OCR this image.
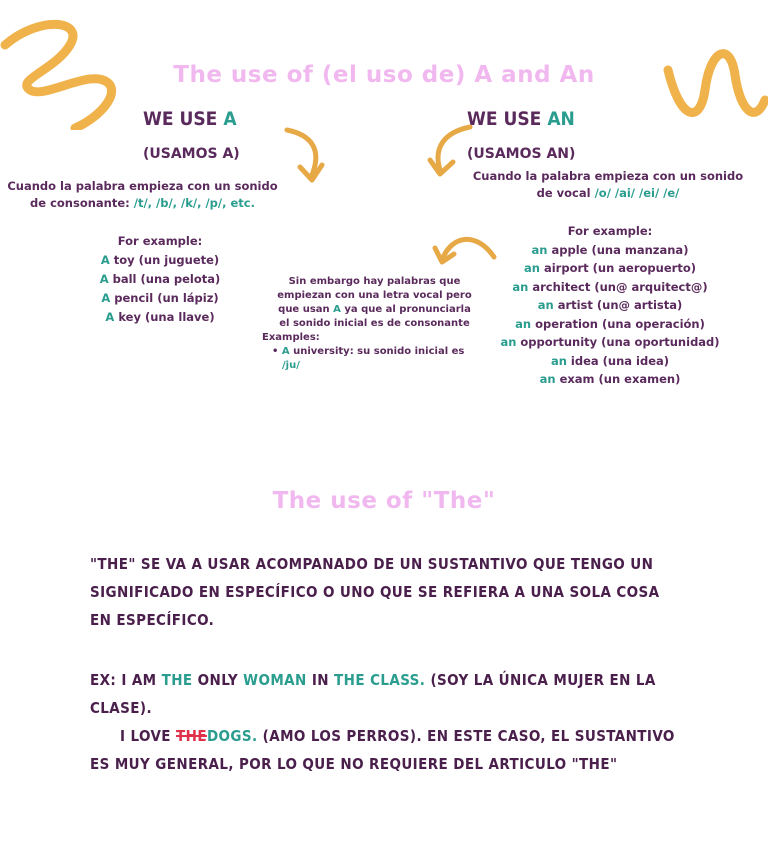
The use of (el uso de) A and An
WE USE A
(USAMOS A)
Cuando la palabra empieza con un sonido
de consonante: /t/, /b/, /k/, /p/, etc.
For example:
A toy (un juguete)
A ball (una pelota)
A pencil (un lápiz)
A key (una llave)
WE USE AN
(USAMOS AN)
Cuando la palabra empieza con un sonido
de vocal /o/ /ai/ /ei/ /e/
For example:
an apple (una manzana)
an airport (un aeropuerto)
an architect (un@ arquitect@)
an artist (un@ artista)
an operation (una operación)
an opportunity (una oportunidad)
an idea (una idea)
an exam (un examen)
Sin embargo hay palabras que
empiezan con una letra vocal pero
que usan A ya que al pronunciarla
el sonido inicial es de consonante
Examples:
• A university: su sonido inicial es
/ju/
The use of "The"
"THE" SE VA A USAR ACOMPANADO DE UN SUSTANTIVO QUE TENGO UN
SIGNIFICADO EN ESPECÍFICO O UNO QUE SE REFIERA A UNA SOLA COSA
EN ESPECÍFICO.
EX: I AM THE ONLY WOMAN IN THE CLASS. (SOY LA ÚNICA MUJER EN LA
CLASE).
I LOVE THEDOGS. (AMO LOS PERROS). EN ESTE CASO, EL SUSTANTIVO
ES MUY GENERAL, POR LO QUE NO REQUIERE DEL ARTICULO "THE"
